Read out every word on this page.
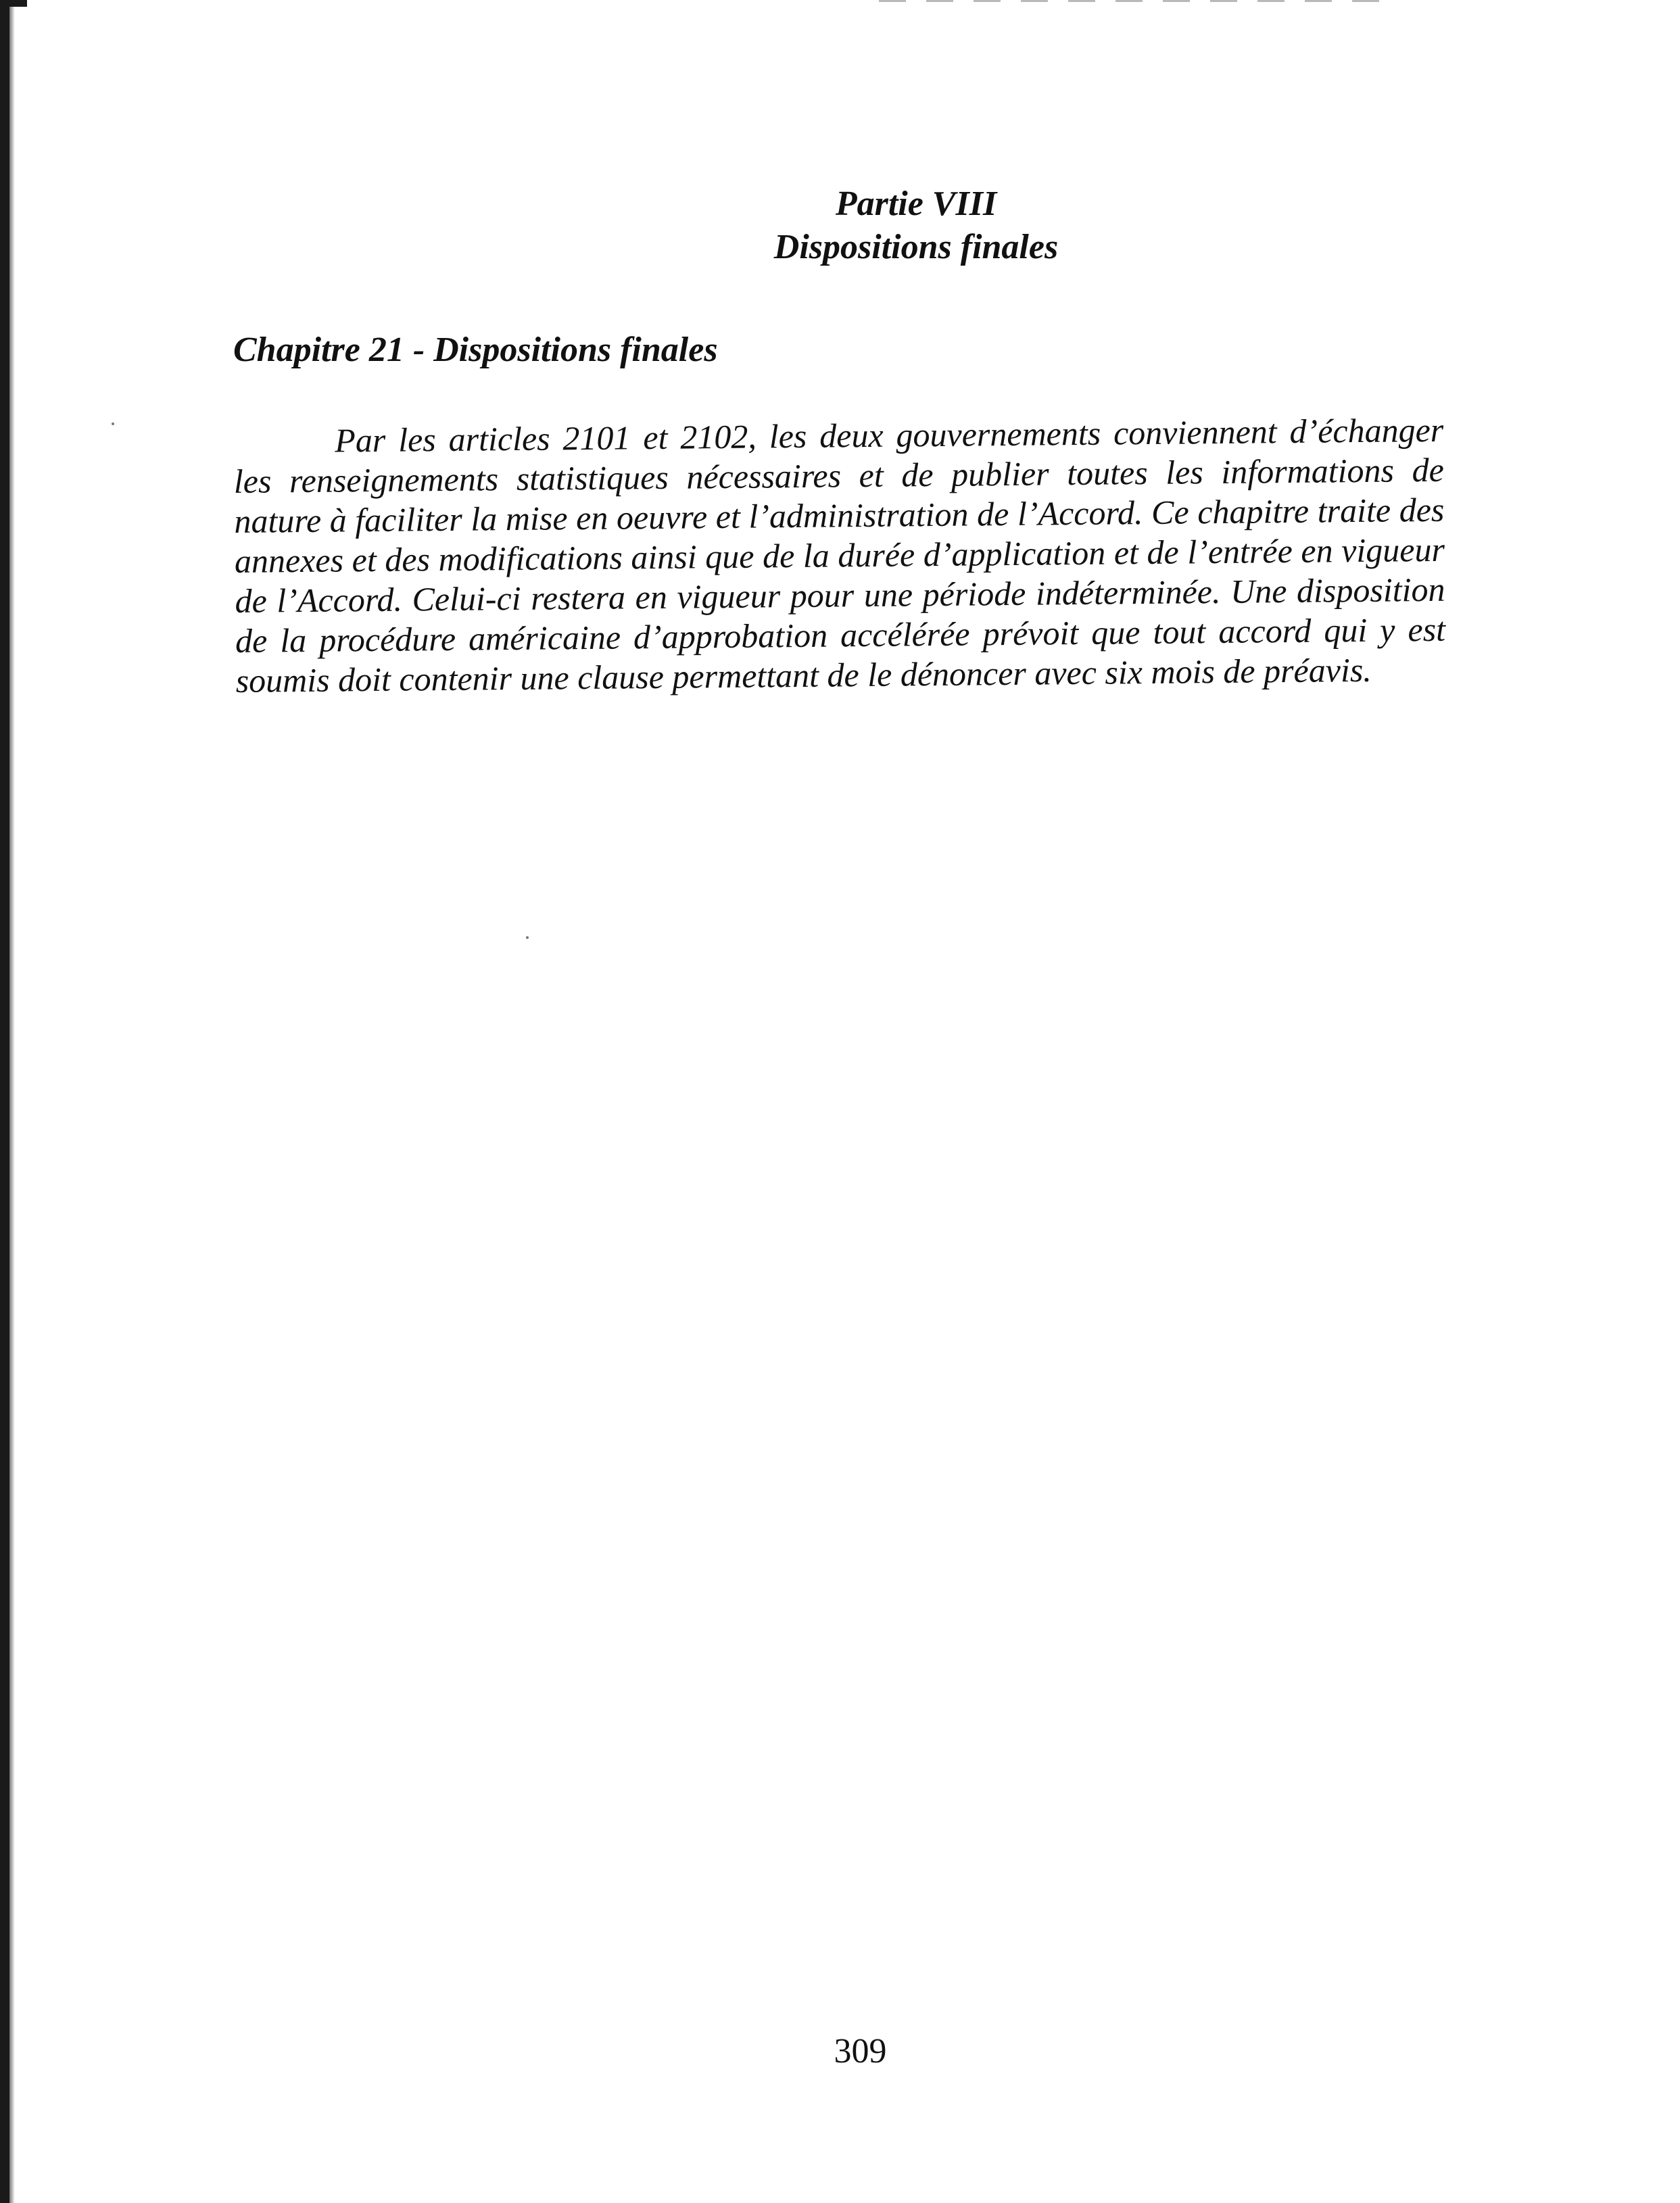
Partie VIII
Dispositions finales
Chapitre 21 - Dispositions finales

Par les articles 2101 et 2102, les deux gouvernements conviennent d’échanger les renseignements statistiques nécessaires et de publier toutes les informations de nature à faciliter la mise en oeuvre et l’administration de l’Accord. Ce chapitre traite des annexes et des modifications ainsi que de la durée d’application et de l’entrée en vigueur de l’Accord. Celui-ci restera en vigueur pour une période indéterminée. Une disposition de la procédure américaine d’approbation accélérée prévoit que tout accord qui y est soumis doit contenir une clause permettant de le dénoncer avec six mois de préavis.

309
